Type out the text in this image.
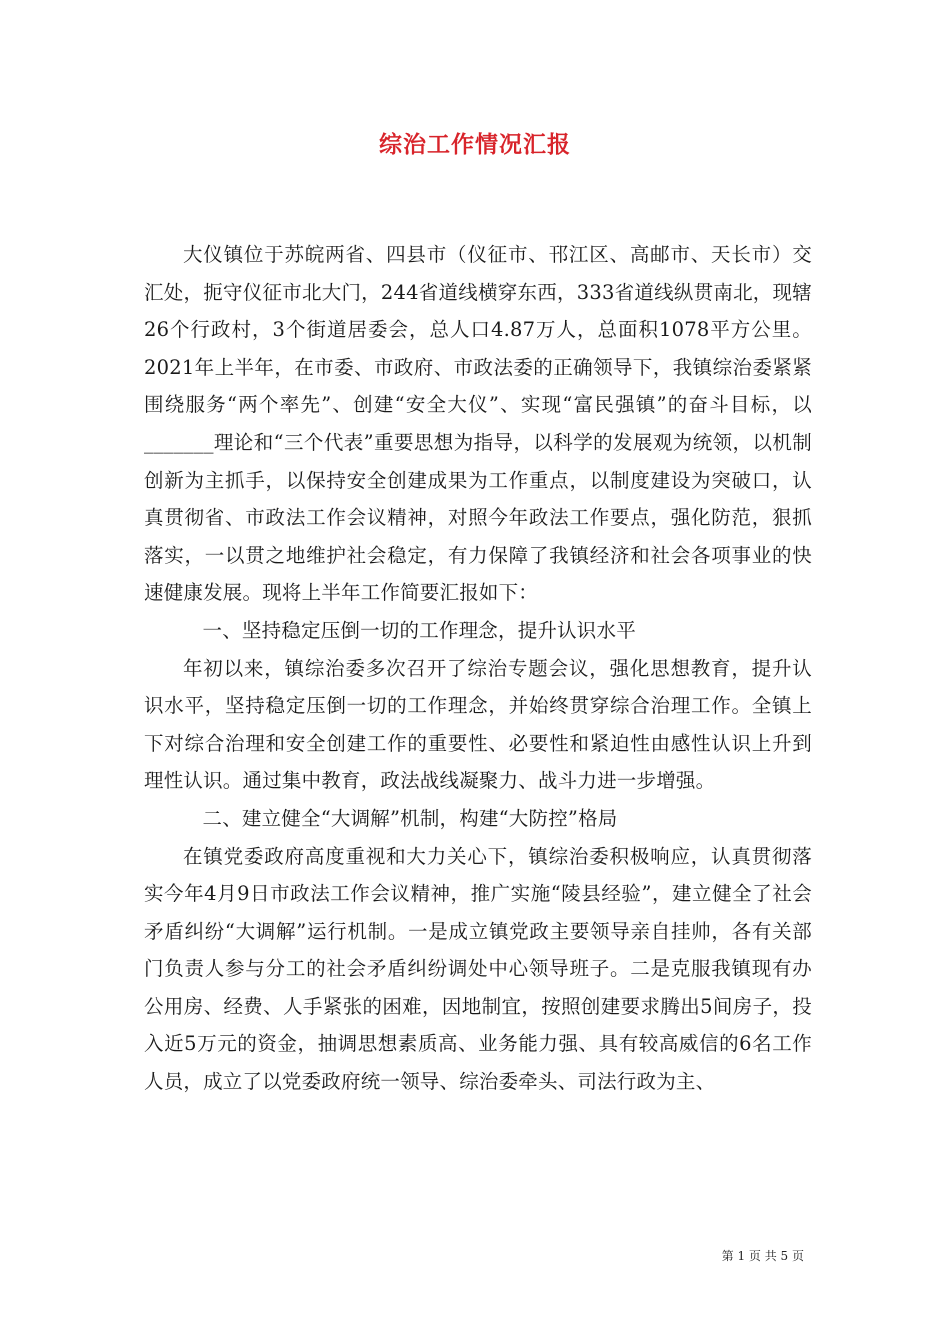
综治工作情况汇报

大仪镇位于苏皖两省、四县市（仪征市、邗江区、高邮市、天长市）交汇处，扼守仪征市北大门，244省道线横穿东西，333省道线纵贯南北，现辖26个行政村，3个街道居委会，总人口4.87万人，总面积1078平方公里。2021年上半年，在市委、市政府、市政法委的正确领导下，我镇综治委紧紧围绕服务“两个率先”、创建“安全大仪”、实现“富民强镇”的奋斗目标，以_______理论和“三个代表”重要思想为指导，以科学的发展观为统领，以机制创新为主抓手，以保持安全创建成果为工作重点，以制度建设为突破口，认真贯彻省、市政法工作会议精神，对照今年政法工作要点，强化防范，狠抓落实，一以贯之地维护社会稳定，有力保障了我镇经济和社会各项事业的快速健康发展。现将上半年工作简要汇报如下：

一、坚持稳定压倒一切的工作理念，提升认识水平

年初以来，镇综治委多次召开了综治专题会议，强化思想教育，提升认识水平，坚持稳定压倒一切的工作理念，并始终贯穿综合治理工作。全镇上下对综合治理和安全创建工作的重要性、必要性和紧迫性由感性认识上升到理性认识。通过集中教育，政法战线凝聚力、战斗力进一步增强。

二、建立健全“大调解”机制，构建“大防控”格局

在镇党委政府高度重视和大力关心下，镇综治委积极响应，认真贯彻落实今年4月9日市政法工作会议精神，推广实施“陵县经验”，建立健全了社会矛盾纠纷“大调解”运行机制。一是成立镇党政主要领导亲自挂帅，各有关部门负责人参与分工的社会矛盾纠纷调处中心领导班子。二是克服我镇现有办公用房、经费、人手紧张的困难，因地制宜，按照创建要求腾出5间房子，投入近5万元的资金，抽调思想素质高、业务能力强、具有较高威信的6名工作人员，成立了以党委政府统一领导、综治委牵头、司法行政为主、

第 1 页 共 5 页
